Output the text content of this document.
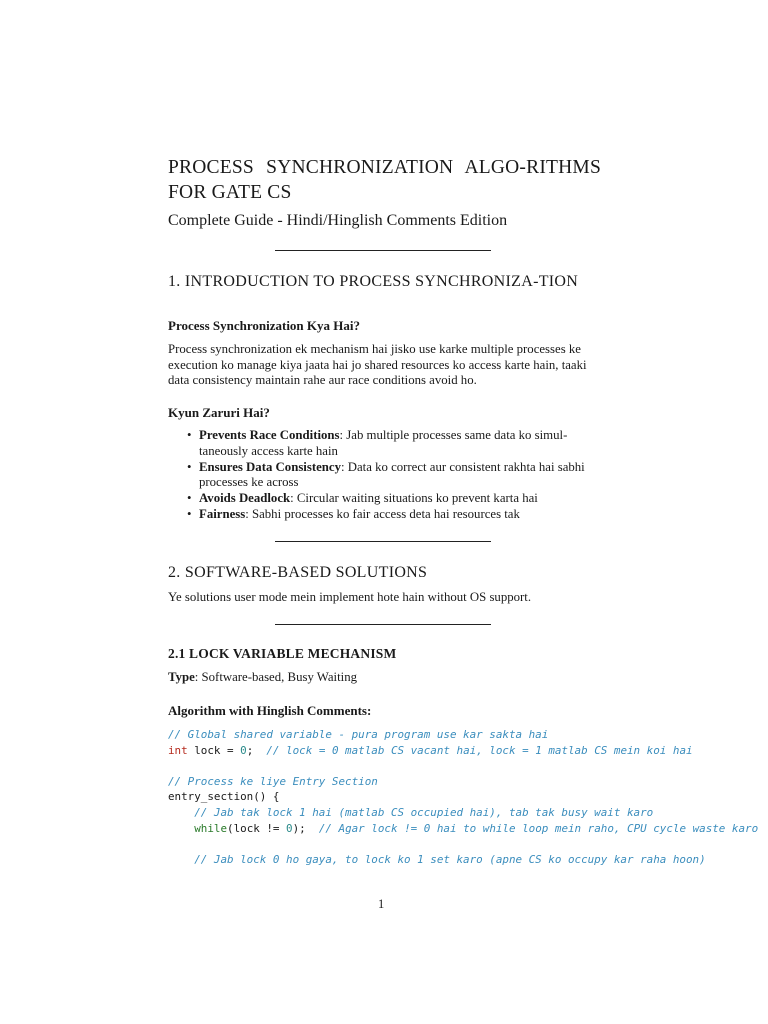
PROCESS SYNCHRONIZATION ALGO-RITHMS FOR GATE CS
Complete Guide - Hindi/Hinglish Comments Edition
1. INTRODUCTION TO PROCESS SYNCHRONIZA-TION
Process Synchronization Kya Hai?

Process synchronization ek mechanism hai jisko use karke multiple processes ke execution ko manage kiya jaata hai jo shared resources ko access karte hain, taaki data consistency maintain rahe aur race conditions avoid ho.

Kyun Zaruri Hai?
• Prevents Race Conditions: Jab multiple processes same data ko simul-taneously access karte hain
• Ensures Data Consistency: Data ko correct aur consistent rakhta hai sabhi processes ke across
• Avoids Deadlock: Circular waiting situations ko prevent karta hai
• Fairness: Sabhi processes ko fair access deta hai resources tak
2. SOFTWARE-BASED SOLUTIONS

Ye solutions user mode mein implement hote hain without OS support.

2.1 LOCK VARIABLE MECHANISM

Type: Software-based, Busy Waiting

Algorithm with Hinglish Comments:
// Global shared variable - pura program use kar sakta hai
int lock = 0;  // lock = 0 matlab CS vacant hai, lock = 1 matlab CS mein koi hai

// Process ke liye Entry Section
entry_section() {
// Jab tak lock 1 hai (matlab CS occupied hai), tab tak busy wait karo
while(lock != 0);  // Agar lock != 0 hai to while loop mein raho, CPU cycle waste karo

// Jab lock 0 ho gaya, to lock ko 1 set karo (apne CS ko occupy kar raha hoon)
1
